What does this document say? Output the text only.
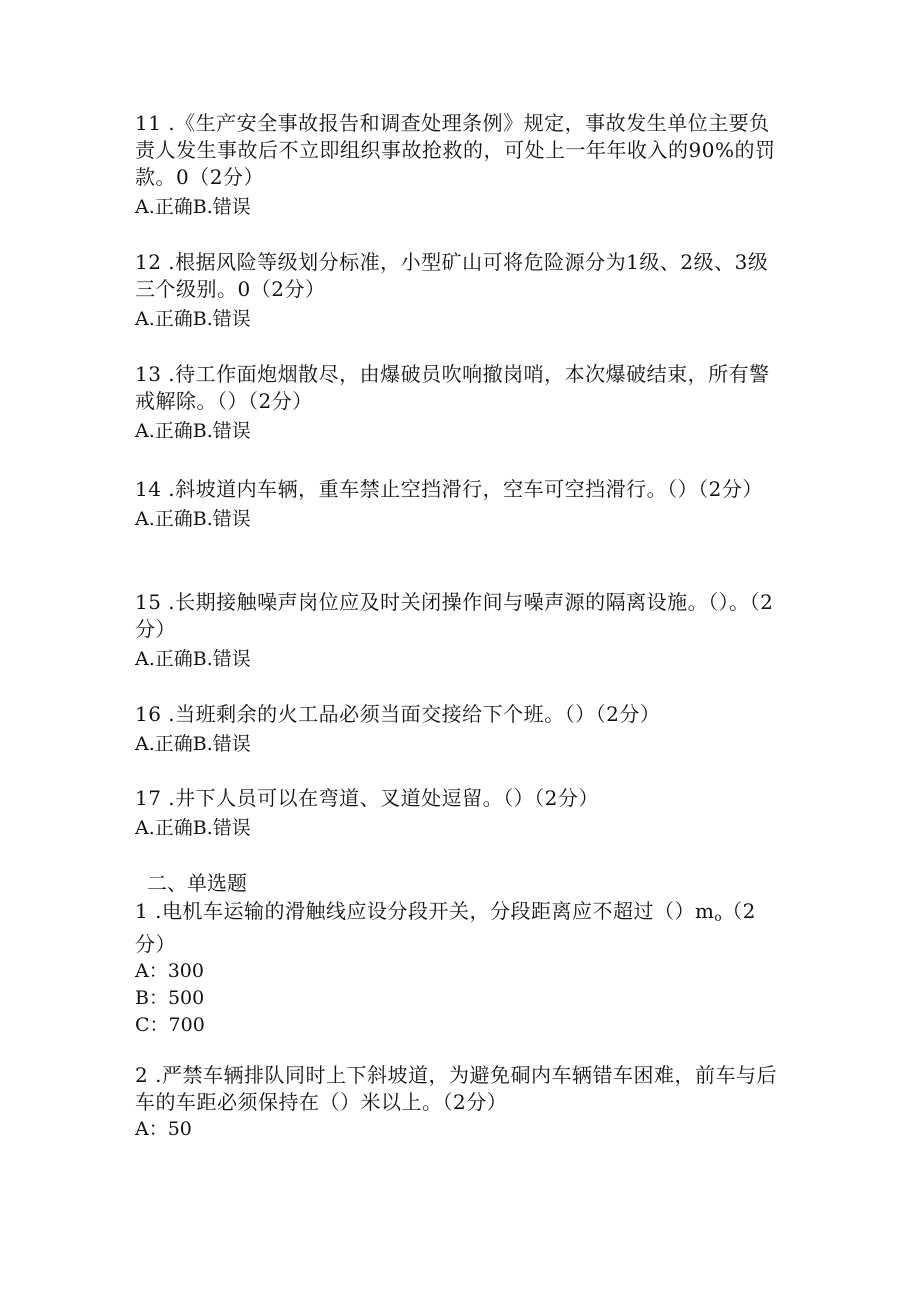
11 .《生产安全事故报告和调查处理条例》规定，事故发生单位主要负责人发生事故后不立即组织事故抢救的，可处上一年年收入的90%的罚款。0（2分）
A.正确B.错误
12 .根据风险等级划分标准，小型矿山可将危险源分为1级、2级、3级三个级别。0（2分）
A.正确B.错误
13 .待工作面炮烟散尽，由爆破员吹响撤岗哨，本次爆破结束，所有警戒解除。（）（2分）
A.正确B.错误
14 .斜坡道内车辆，重车禁止空挡滑行，空车可空挡滑行。（）（2分）
A.正确B.错误
15 .长期接触噪声岗位应及时关闭操作间与噪声源的隔离设施。（）。（2分）
A.正确B.错误
16 .当班剩余的火工品必须当面交接给下个班。（）（2分）
A.正确B.错误
17 .井下人员可以在弯道、叉道处逗留。（）（2分）
A.正确B.错误
二、单选题
1 .电机车运输的滑触线应设分段开关，分段距离应不超过$()m_o(2$分）
A：300
B：500
C：700
2 .严禁车辆排队同时上下斜坡道，为避免硐内车辆错车困难，前车与后车的车距必须保持在（）米以上。（2分）
A：50
